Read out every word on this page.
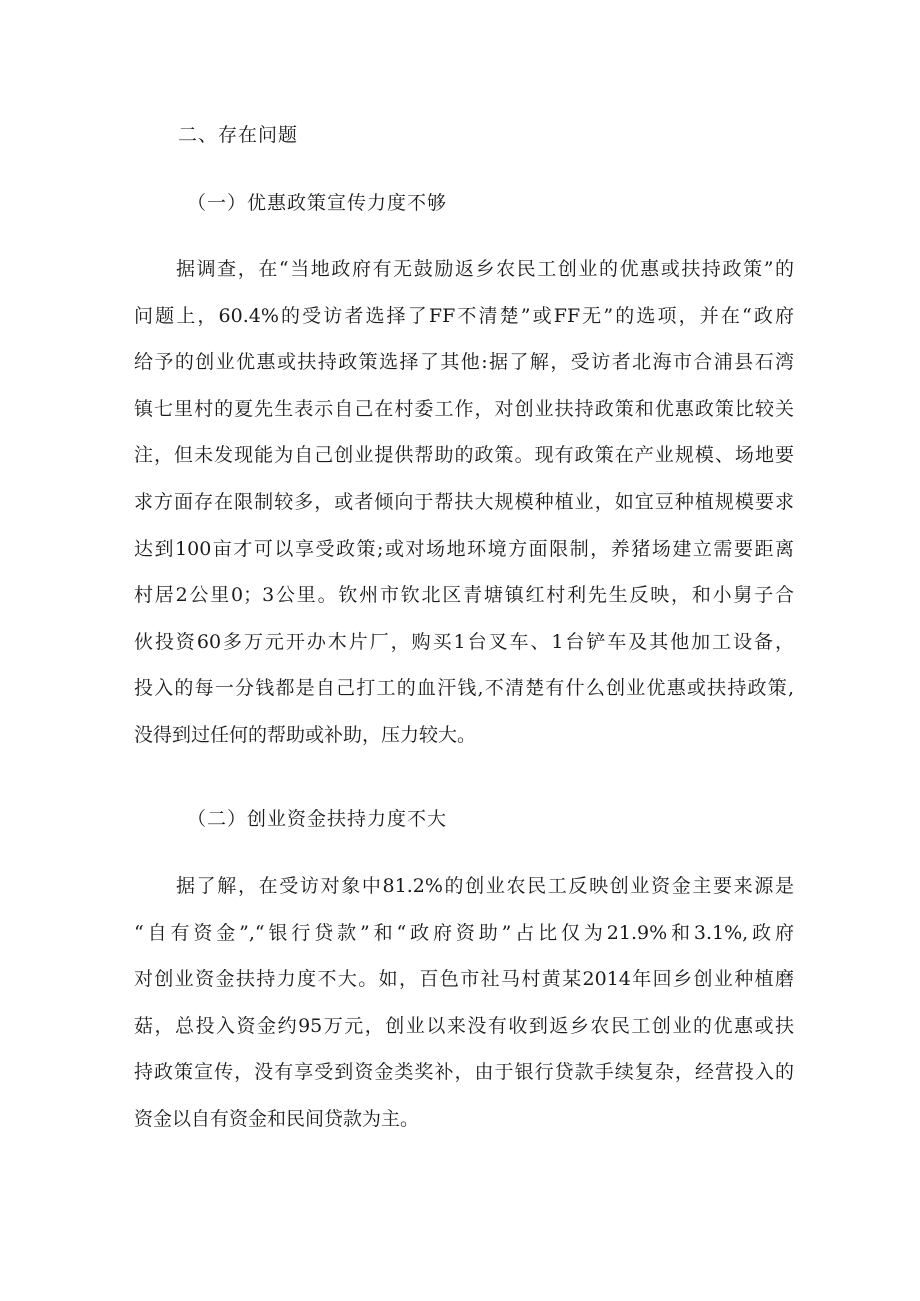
二、存在问题
（一）优惠政策宣传力度不够
据调查，在“当地政府有无鼓励返乡农民工创业的优惠或扶持政策”的
问题上，60.4%的受访者选择了FF不清楚”或FF无”的选项，并在“政府
给予的创业优惠或扶持政策选择了其他:据了解，受访者北海市合浦县石湾
镇七里村的夏先生表示自己在村委工作，对创业扶持政策和优惠政策比较关
注，但未发现能为自己创业提供帮助的政策。现有政策在产业规模、场地要
求方面存在限制较多，或者倾向于帮扶大规模种植业，如宜豆种植规模要求
达到100亩才可以享受政策;或对场地环境方面限制，养猪场建立需要距离
村居2公里0；3公里。钦州市钦北区青塘镇红村利先生反映，和小舅子合
伙投资60多万元开办木片厂，购买1台叉车、1台铲车及其他加工设备，
投入的每一分钱都是自己打工的血汗钱,不清楚有什么创业优惠或扶持政策,
没得到过任何的帮助或补助，压力较大。
（二）创业资金扶持力度不大
据了解，在受访对象中81.2%的创业农民工反映创业资金主要来源是
“自有资金”,“银行贷款”和“政府资助”占比仅为21.9%和3.1%,政府
对创业资金扶持力度不大。如，百色市社马村黄某2014年回乡创业种植磨
菇，总投入资金约95万元，创业以来没有收到返乡农民工创业的优惠或扶
持政策宣传，没有享受到资金类奖补，由于银行贷款手续复杂，经营投入的
资金以自有资金和民间贷款为主。
